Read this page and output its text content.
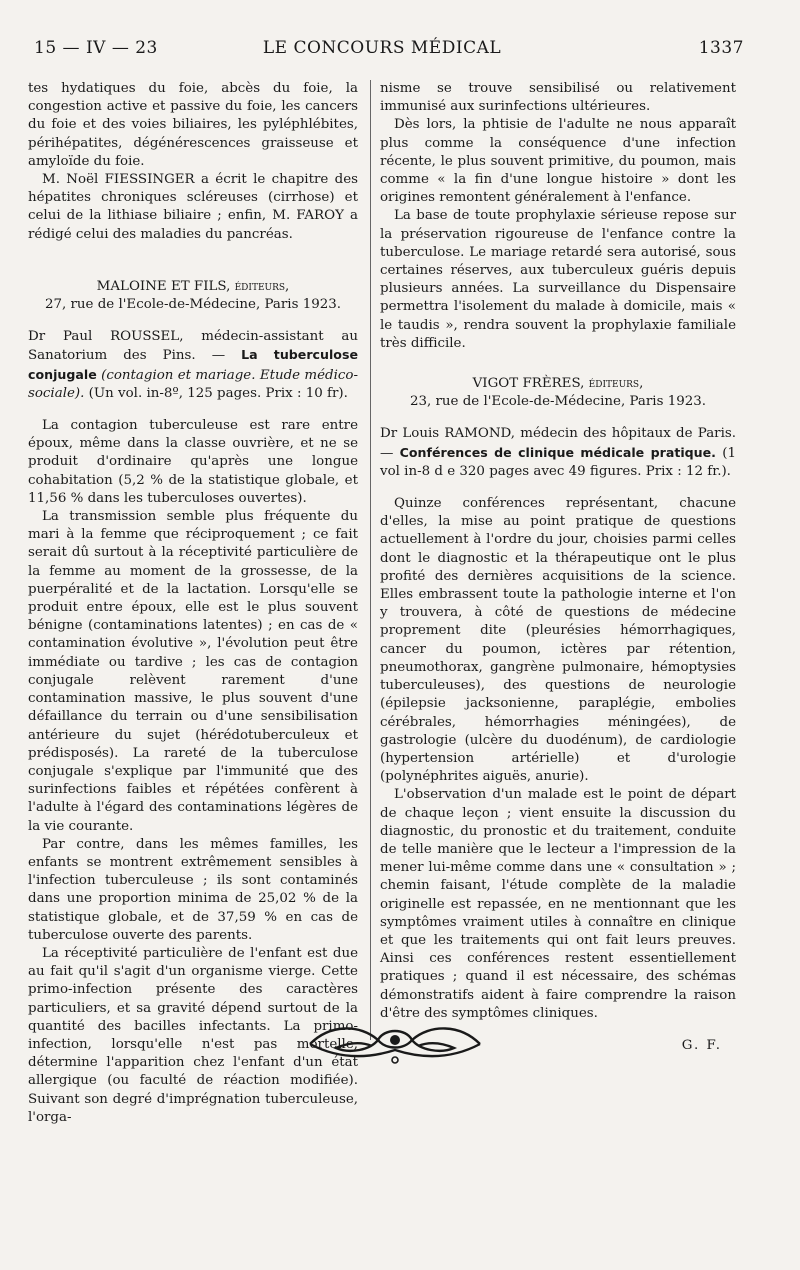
15 — IV — 23	LE CONCOURS MÉDICAL	1337

tes hydatiques du foie, abcès du foie, la congestion active et passive du foie, les cancers du foie et des voies biliaires, les pyléphlébites, périhépatites, dégénérescences graisseuse et amyloïde du foie.

M. Noël FIESSINGER a écrit le chapitre des hépatites chroniques scléreuses (cirrhose) et celui de la lithiase biliaire ; enfin, M. FAROY a rédigé celui des maladies du pancréas.

MALOINE ET FILS, éditeurs,

27, rue de l'Ecole-de-Médecine, Paris 1923.

Dr Paul ROUSSEL, médecin-assistant au Sanatorium des Pins. — La tuberculose conjugale (contagion et mariage. Etude médico-sociale). (Un vol. in-8º, 125 pages. Prix : 10 fr).

La contagion tuberculeuse est rare entre époux, même dans la classe ouvrière, et ne se produit d'ordinaire qu'après une longue cohabitation (5,2 % de la statistique globale, et 11,56 % dans les tuberculoses ouvertes).

La transmission semble plus fréquente du mari à la femme que réciproquement ; ce fait serait dû surtout à la réceptivité particulière de la femme au moment de la grossesse, de la puerpéralité et de la lactation. Lorsqu'elle se produit entre époux, elle est le plus souvent bénigne (contaminations latentes) ; en cas de « contamination évolutive », l'évolution peut être immédiate ou tardive ; les cas de contagion conjugale relèvent rarement d'une contamination massive, le plus souvent d'une défaillance du terrain ou d'une sensibilisation antérieure du sujet (hérédotuberculeux et prédisposés). La rareté de la tuberculose conjugale s'explique par l'immunité que des surinfections faibles et répétées confèrent à l'adulte à l'égard des contaminations légères de la vie courante.

Par contre, dans les mêmes familles, les enfants se montrent extrêmement sensibles à l'infection tuberculeuse ; ils sont contaminés dans une proportion minima de 25,02 % de la statistique globale, et de 37,59 % en cas de tuberculose ouverte des parents.

La réceptivité particulière de l'enfant est due au fait qu'il s'agit d'un organisme vierge. Cette primo-infection présente des caractères particuliers, et sa gravité dépend surtout de la quantité des bacilles infectants. La primo-infection, lorsqu'elle n'est pas mortelle, détermine l'apparition chez l'enfant d'un état allergique (ou faculté de réaction modifiée). Suivant son degré d'imprégnation tuberculeuse, l'orga-

nisme se trouve sensibilisé ou relativement immunisé aux surinfections ultérieures.

Dès lors, la phtisie de l'adulte ne nous apparaît plus comme la conséquence d'une infection récente, le plus souvent primitive, du poumon, mais comme « la fin d'une longue histoire » dont les origines remontent généralement à l'enfance.

La base de toute prophylaxie sérieuse repose sur la préservation rigoureuse de l'enfance contre la tuberculose. Le mariage retardé sera autorisé, sous certaines réserves, aux tuberculeux guéris depuis plusieurs années. La surveillance du Dispensaire permettra l'isolement du malade à domicile, mais « le taudis », rendra souvent la prophylaxie familiale très difficile.

VIGOT FRÈRES, éditeurs,

23, rue de l'Ecole-de-Médecine, Paris 1923.

Dr Louis RAMOND, médecin des hôpitaux de Paris. — Conférences de clinique médicale pratique. (1 vol in-8 d e 320 pages avec 49 figures. Prix : 12 fr.).

Quinze conférences représentant, chacune d'elles, la mise au point pratique de questions actuellement à l'ordre du jour, choisies parmi celles dont le diagnostic et la thérapeutique ont le plus profité des dernières acquisitions de la science. Elles embrassent toute la pathologie interne et l'on y trouvera, à côté de questions de médecine proprement dite (pleurésies hémorrhagiques, cancer du poumon, ictères par rétention, pneumothorax, gangrène pulmonaire, hémoptysies tuberculeuses), des questions de neurologie (épilepsie jacksonienne, paraplégie, embolies cérébrales, hémorrhagies méningées), de gastrologie (ulcère du duodénum), de cardiologie (hypertension artérielle) et d'urologie (polynéphrites aiguës, anurie).

L'observation d'un malade est le point de départ de chaque leçon ; vient ensuite la discussion du diagnostic, du pronostic et du traitement, conduite de telle manière que le lecteur a l'impression de la mener lui-même comme dans une « consultation » ; chemin faisant, l'étude complète de la maladie originelle est repassée, en ne mentionnant que les symptômes vraiment utiles à connaître en clinique et que les traitements qui ont fait leurs preuves. Ainsi ces conférences restent essentiellement pratiques ; quand il est nécessaire, des schémas démonstratifs aident à faire comprendre la raison d'être des symptômes cliniques.

G. F.
